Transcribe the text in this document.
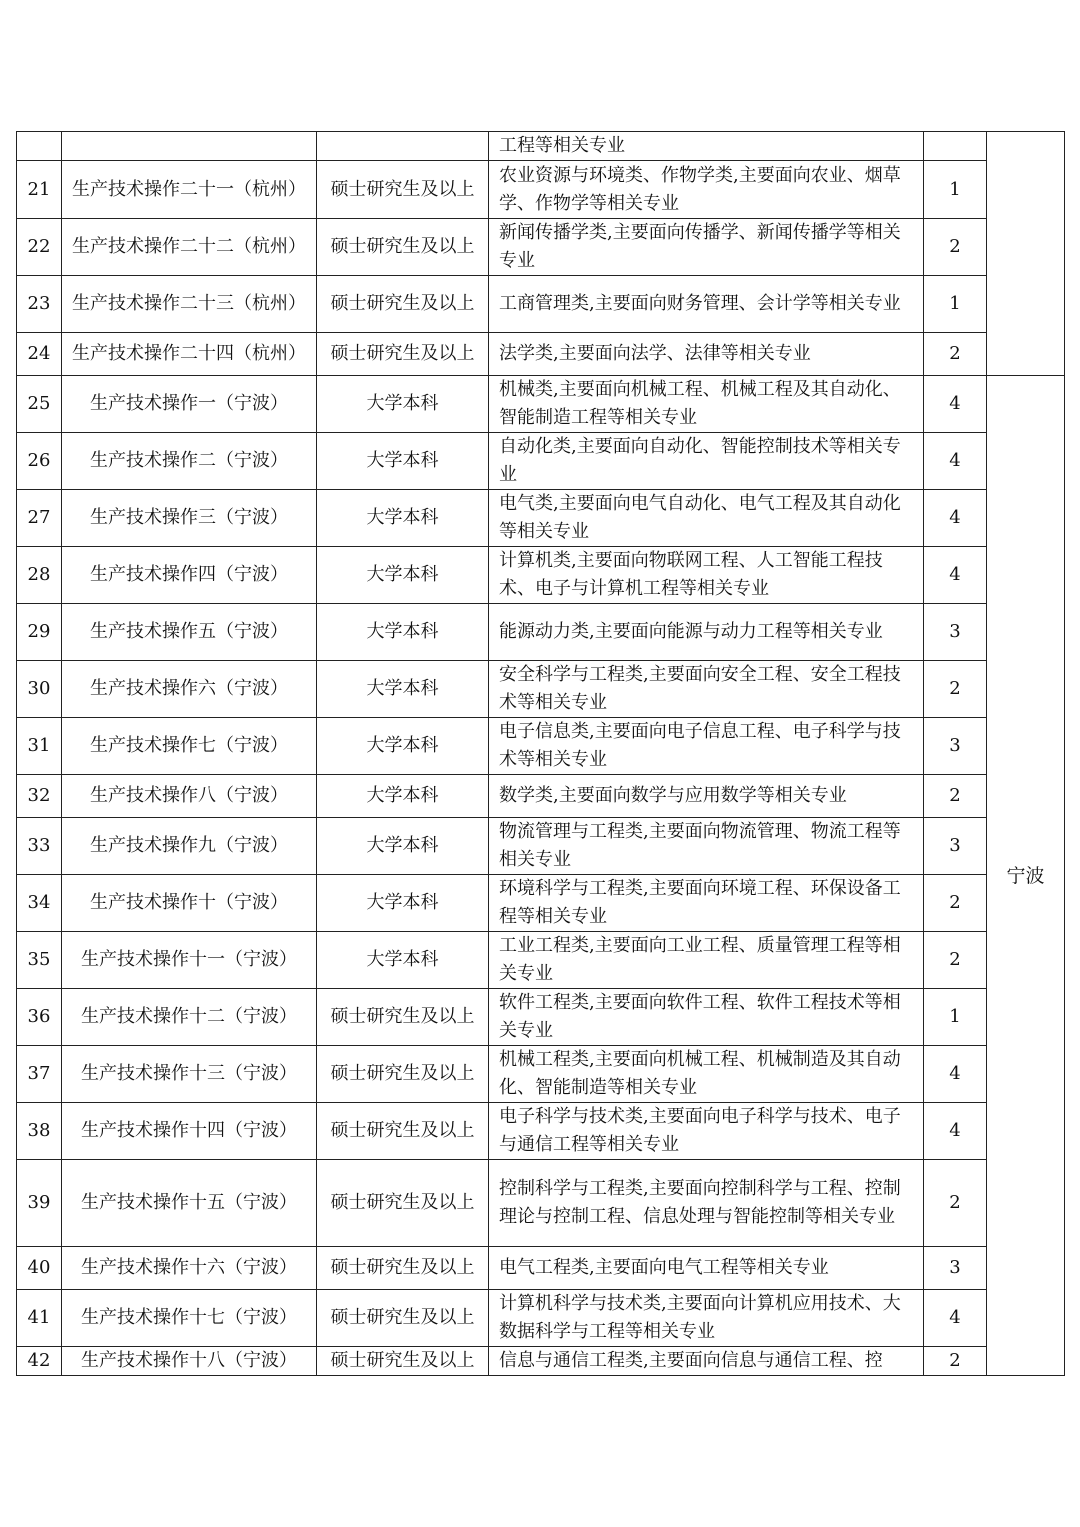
			工程等相关专业		
21	生产技术操作二十一（杭州）	硕士研究生及以上	农业资源与环境类、作物学类,主要面向农业、烟草学、作物学等相关专业	1	
22	生产技术操作二十二（杭州）	硕士研究生及以上	新闻传播学类,主要面向传播学、新闻传播学等相关专业	2	
23	生产技术操作二十三（杭州）	硕士研究生及以上	工商管理类,主要面向财务管理、会计学等相关专业	1	
24	生产技术操作二十四（杭州）	硕士研究生及以上	法学类,主要面向法学、法律等相关专业	2	
25	生产技术操作一（宁波）	大学本科	机械类,主要面向机械工程、机械工程及其自动化、智能制造工程等相关专业	4	宁波
26	生产技术操作二（宁波）	大学本科	自动化类,主要面向自动化、智能控制技术等相关专业	4	
27	生产技术操作三（宁波）	大学本科	电气类,主要面向电气自动化、电气工程及其自动化等相关专业	4	
28	生产技术操作四（宁波）	大学本科	计算机类,主要面向物联网工程、人工智能工程技术、电子与计算机工程等相关专业	4	
29	生产技术操作五（宁波）	大学本科	能源动力类,主要面向能源与动力工程等相关专业	3	
30	生产技术操作六（宁波）	大学本科	安全科学与工程类,主要面向安全工程、安全工程技术等相关专业	2	
31	生产技术操作七（宁波）	大学本科	电子信息类,主要面向电子信息工程、电子科学与技术等相关专业	3	
32	生产技术操作八（宁波）	大学本科	数学类,主要面向数学与应用数学等相关专业	2	
33	生产技术操作九（宁波）	大学本科	物流管理与工程类,主要面向物流管理、物流工程等相关专业	3	
34	生产技术操作十（宁波）	大学本科	环境科学与工程类,主要面向环境工程、环保设备工程等相关专业	2	
35	生产技术操作十一（宁波）	大学本科	工业工程类,主要面向工业工程、质量管理工程等相关专业	2	
36	生产技术操作十二（宁波）	硕士研究生及以上	软件工程类,主要面向软件工程、软件工程技术等相关专业	1	
37	生产技术操作十三（宁波）	硕士研究生及以上	机械工程类,主要面向机械工程、机械制造及其自动化、智能制造等相关专业	4	
38	生产技术操作十四（宁波）	硕士研究生及以上	电子科学与技术类,主要面向电子科学与技术、电子与通信工程等相关专业	4	
39	生产技术操作十五（宁波）	硕士研究生及以上	控制科学与工程类,主要面向控制科学与工程、控制理论与控制工程、信息处理与智能控制等相关专业	2	
40	生产技术操作十六（宁波）	硕士研究生及以上	电气工程类,主要面向电气工程等相关专业	3	
41	生产技术操作十七（宁波）	硕士研究生及以上	计算机科学与技术类,主要面向计算机应用技术、大数据科学与工程等相关专业	4	
42	生产技术操作十八（宁波）	硕士研究生及以上	信息与通信工程类,主要面向信息与通信工程、控	2	
